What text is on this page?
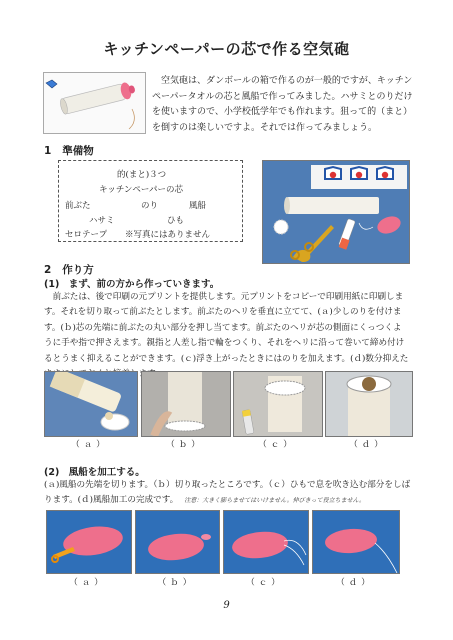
キッチンペーパーの芯で作る空気砲

空気砲は、ダンボールの箱で作るのが一般的ですが、キッチンペーパータオルの芯と風船で作ってみました。ハサミとのりだけを使いますので、小学校低学年でも作れます。狙って的（まと）を倒すのは楽しいですよ。それでは作ってみましょう。

1 準備物
的(まと)３つ
キッチンペーパーの芯
前ぶた	のり	風船
ハサミ	ひも
セロテープ ※写真にはありません
2 作り方
(1)　まず、前の方から作っていきます。

前ぶたは、後で印刷の元プリントを提供します。元プリントをコピーで印刷用紙に印刷します。それを切り取って前ぶたとします。前ぶたのヘリを垂直に立てて、(ａ)少しのりを付けます。(ｂ)芯の先端に前ぶたの丸い部分を押し当てます。前ぶたのヘリが芯の側面にくっつくように手や指で押さえます。親指と人差し指で輪をつくり、それをヘリに沿って巻いて締め付けるとうまく抑えることができます。(ｃ)浮き上がったときにはのりを加えます。(ｄ)数分抑えた しま

（ａ）	（ｂ）	（ｃ）	（ｄ）
(2)　風船を加工する。

(ａ)風船の先端を切ります。（ｂ）切り取ったところです。（ｃ）ひもで息を吹き込む部分をしばります。(ｄ)風船加工の完成です。 注意：大きく膨らませてはいけません。伸びきって役立ちません。
（ａ）	（ｂ）	（ｃ）	（ｄ）
9
